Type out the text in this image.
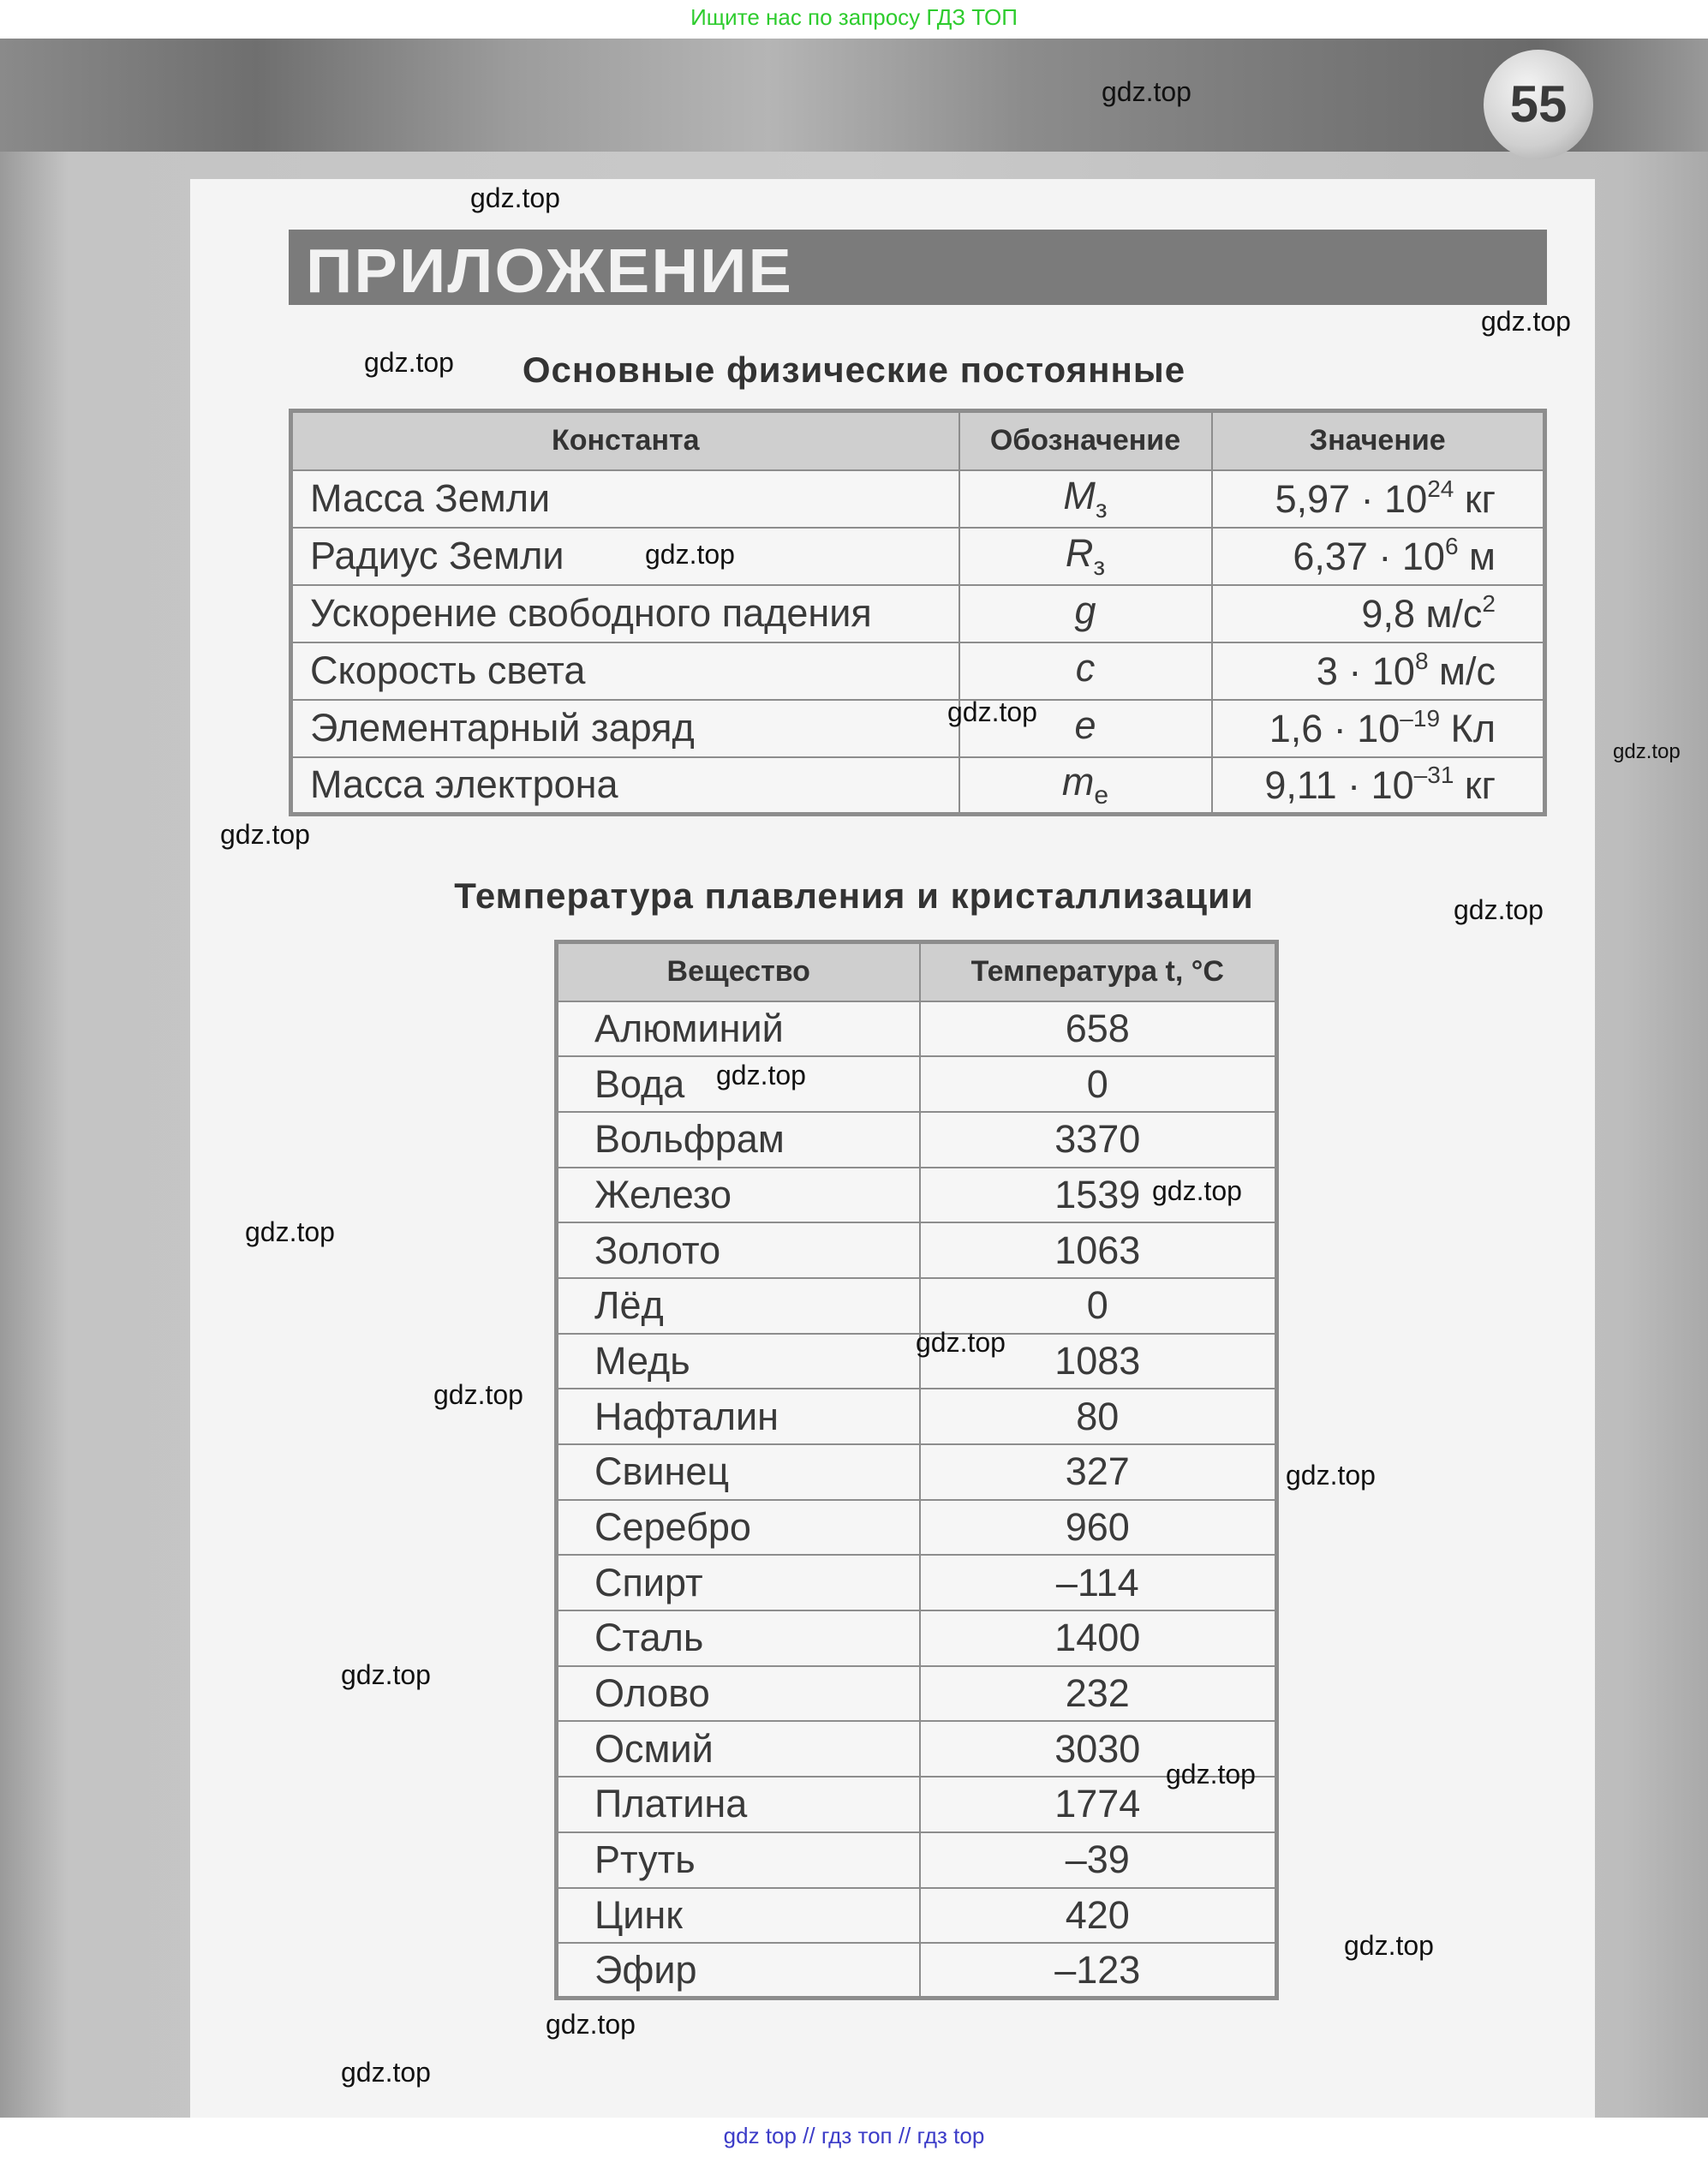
Ищите нас по запросу ГДЗ ТОП
55
ПРИЛОЖЕНИЕ
Основные физические постоянные
Константа	Обозначение	Значение
Масса Земли	$M_з$	$5,97 \cdot 10^{24}$ кг
Радиус Земли	$R_з$	$6,37 \cdot 10^6$ м
Ускорение свободного падения	g	9,8 $м/с^2$
Скорость света	c	$3 \cdot 10^8$ м/с
Элементарный заряд	e	$1,6 \cdot 10^{-19}$ Кл
Масса электрона	$m_e$	$9,11 \cdot 10^{-31}$ кг
Температура плавления и кристаллизации
Вещество	Температура t, °C
Алюминий	658
Вода	0
Вольфрам	3370
Железо	1539
Золото	1063
Лёд	0
Медь	1083
Нафталин	80
Свинец	327
Серебро	960
Спирт	–114
Сталь	1400
Олово	232
Осмий	3030
Платина	1774
Ртуть	–39
Цинк	420
Эфир	–123
gdz.top
gdz.top
gdz.top
gdz.top
gdz.top
gdz.top
gdz.top
gdz.top
gdz.top
gdz.top
gdz.top
gdz.top
gdz.top
gdz.top
gdz.top
gdz.top
gdz.top
gdz.top
gdz.top
gdz.top
gdz top // гдз топ // гдз top
